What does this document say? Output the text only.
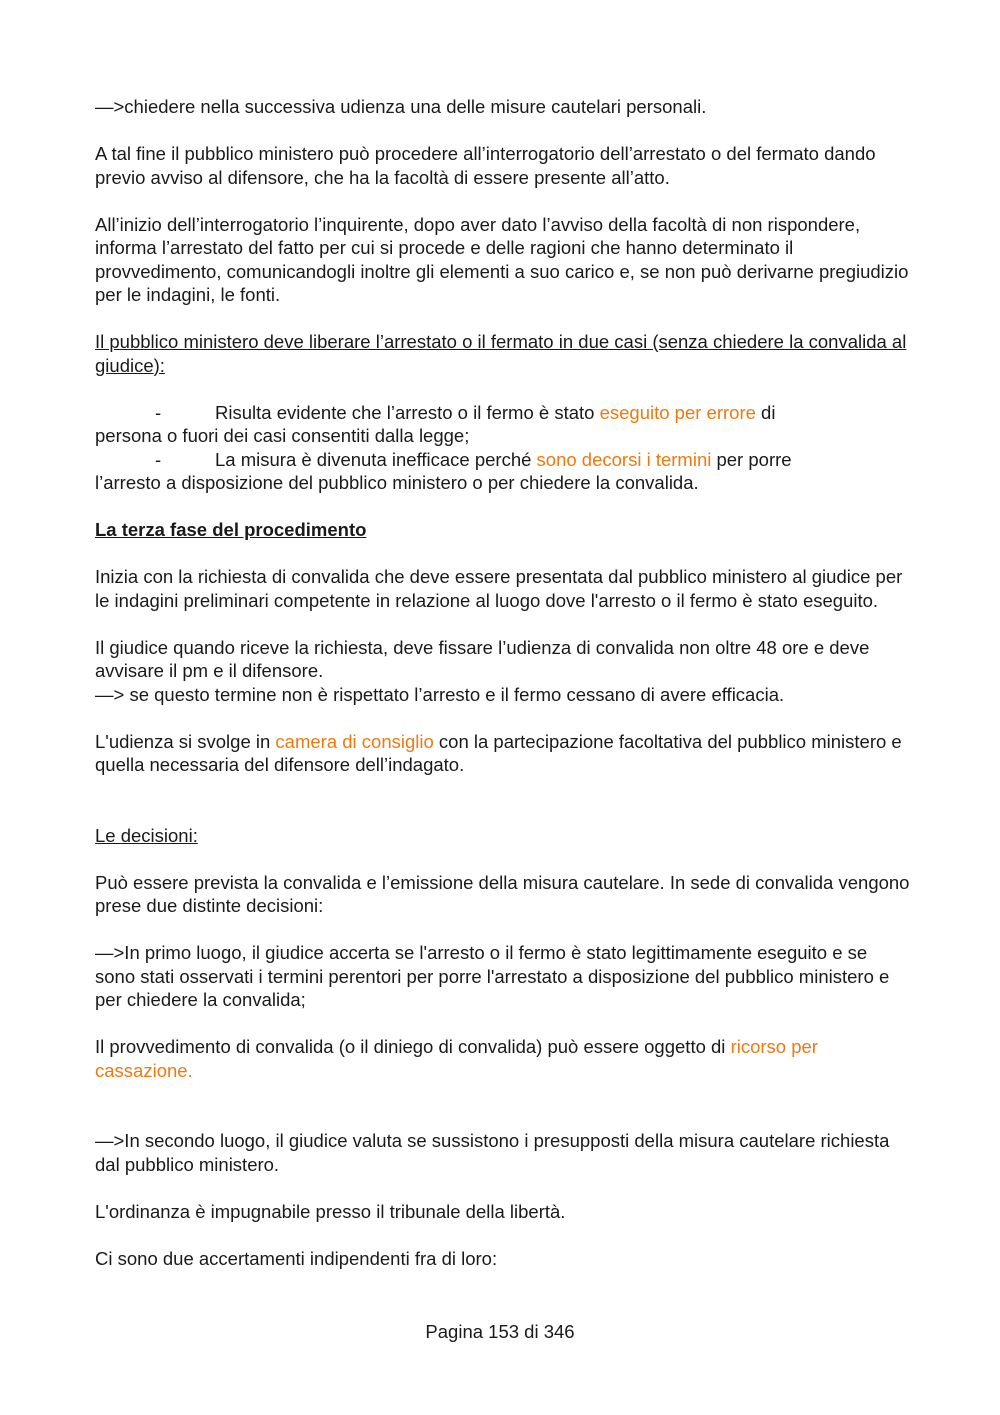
—>chiedere nella successiva udienza una delle misure cautelari personali.

A tal fine il pubblico ministero può procedere all’interrogatorio dell’arrestato o del fermato dando previo avviso al difensore, che ha la facoltà di essere presente all’atto.

All’inizio dell’interrogatorio l’inquirente, dopo aver dato l’avviso della facoltà di non rispondere, informa l’arrestato del fatto per cui si procede e delle ragioni che hanno determinato il provvedimento, comunicandogli inoltre gli elementi a suo carico e, se non può derivarne pregiudizio per le indagini, le fonti.

Il pubblico ministero deve liberare l’arrestato o il fermato in due casi (senza chiedere la convalida al giudice):

-	Risulta evidente che l’arresto o il fermo è stato eseguito per errore di

persona o fuori dei casi consentiti dalla legge;

-	La misura è divenuta inefficace perché sono decorsi i termini per porre

l’arresto a disposizione del pubblico ministero o per chiedere la convalida.

La terza fase del procedimento

Inizia con la richiesta di convalida che deve essere presentata dal pubblico ministero al giudice per le indagini preliminari competente in relazione al luogo dove l'arresto o il fermo è stato eseguito.

Il giudice quando riceve la richiesta, deve fissare l’udienza di convalida non oltre 48 ore e deve avvisare il pm e il difensore.

—> se questo termine non è rispettato l’arresto e il fermo cessano di avere efficacia.

L'udienza si svolge in camera di consiglio con la partecipazione facoltativa del pubblico ministero e quella necessaria del difensore dell’indagato.

Le decisioni:

Può essere prevista la convalida e l’emissione della misura cautelare. In sede di convalida vengono prese due distinte decisioni:

—>In primo luogo, il giudice accerta se l'arresto o il fermo è stato legittimamente eseguito e se sono stati osservati i termini perentori per porre l'arrestato a disposizione del pubblico ministero e per chiedere la convalida;

Il provvedimento di convalida (o il diniego di convalida) può essere oggetto di ricorso per cassazione.

—>In secondo luogo, il giudice valuta se sussistono i presupposti della misura cautelare richiesta dal pubblico ministero.

L'ordinanza è impugnabile presso il tribunale della libertà.

Ci sono due accertamenti indipendenti fra di loro:

Pagina 153 di 346
